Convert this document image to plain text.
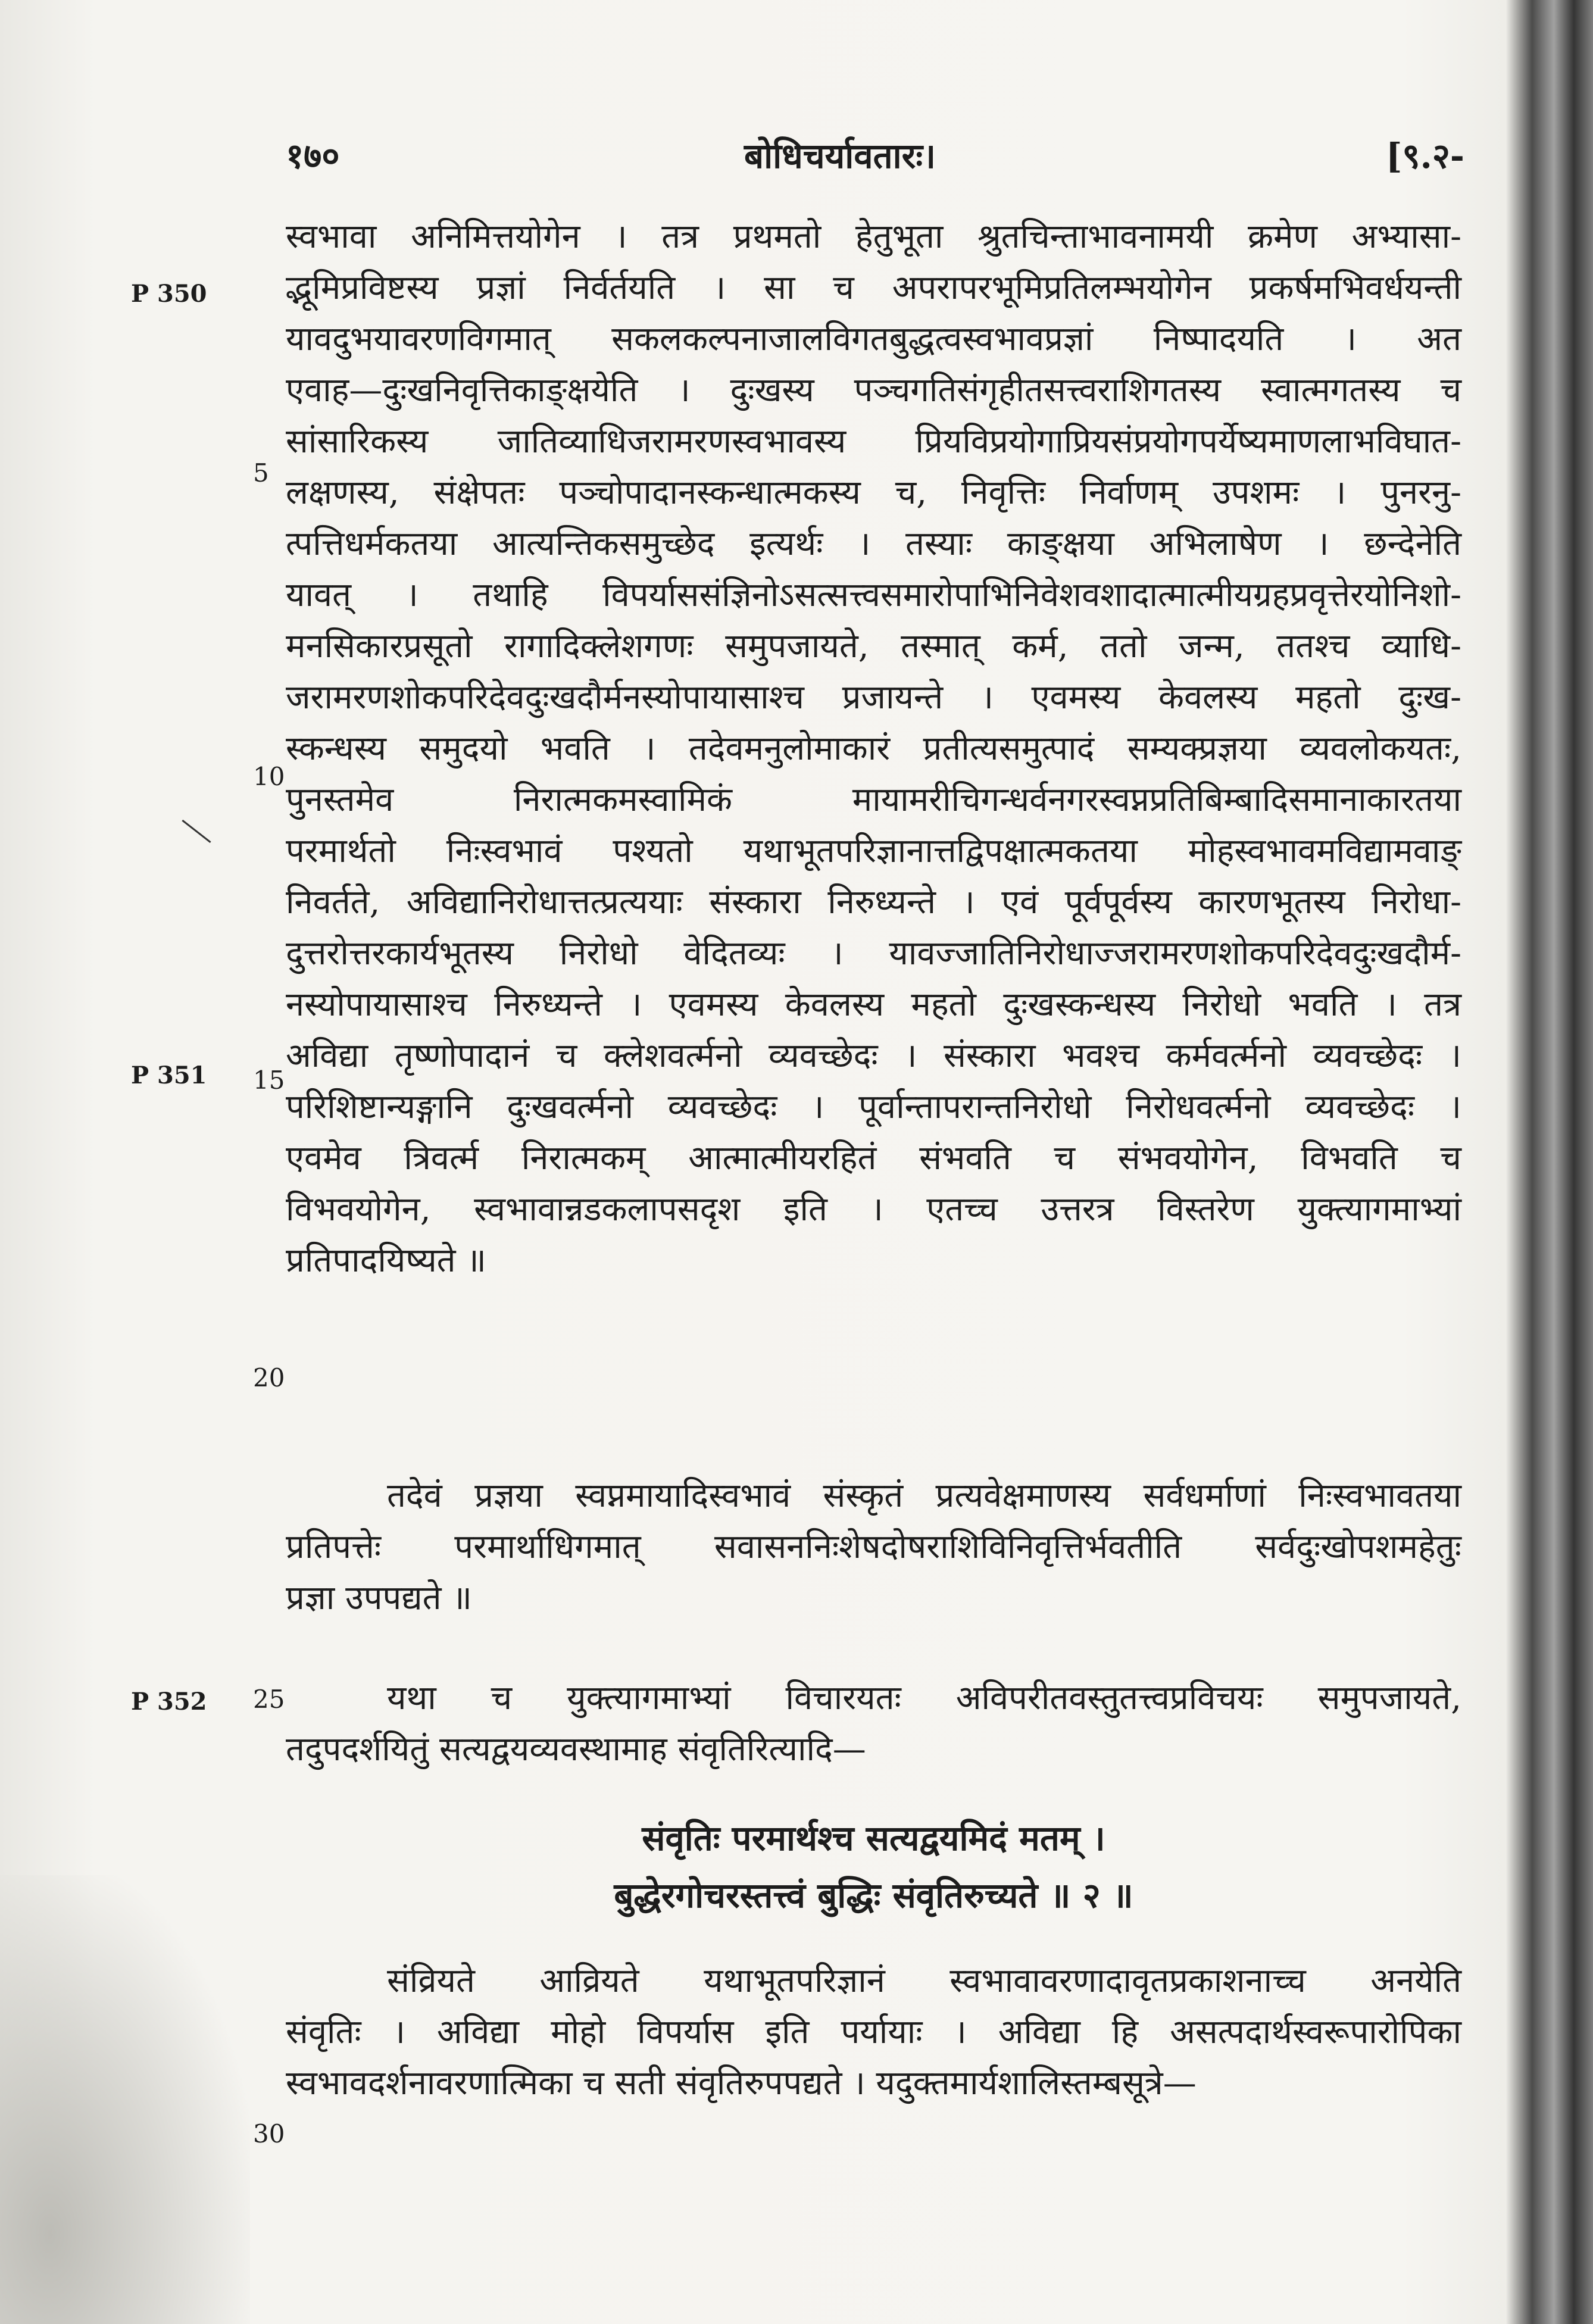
१७०	बोधिचर्यावतारः।	[९.२-
P 350
P 351
P 352
5
10
15
20
25
30
स्वभावा अनिमित्तयोगेन । तत्र प्रथमतो हेतुभूता श्रुतचिन्ताभावनामयी क्रमेण अभ्यासा-
द्भूमिप्रविष्टस्य प्रज्ञां निर्वर्तयति । सा च अपरापरभूमिप्रतिलम्भयोगेन प्रकर्षमभिवर्धयन्ती
यावदुभयावरणविगमात् सकलकल्पनाजालविगतबुद्धत्वस्वभावप्रज्ञां निष्पादयति । अत
एवाह—दुःखनिवृत्तिकाङ्क्षयेति । दुःखस्य पञ्चगतिसंगृहीतसत्त्वराशिगतस्य स्वात्मगतस्य च
सांसारिकस्य जातिव्याधिजरामरणस्वभावस्य प्रियविप्रयोगाप्रियसंप्रयोगपर्येष्यमाणलाभविघात-
लक्षणस्य, संक्षेपतः पञ्चोपादानस्कन्धात्मकस्य च, निवृत्तिः निर्वाणम् उपशमः । पुनरनु-
त्पत्तिधर्मकतया आत्यन्तिकसमुच्छेद इत्यर्थः । तस्याः काङ्क्षया अभिलाषेण । छन्देनेति
यावत् । तथाहि विपर्याससंज्ञिनोऽसत्सत्त्वसमारोपाभिनिवेशवशादात्मात्मीयग्रहप्रवृत्तेरयोनिशो-
मनसिकारप्रसूतो रागादिक्लेशगणः समुपजायते, तस्मात् कर्म, ततो जन्म, ततश्च व्याधि-
जरामरणशोकपरिदेवदुःखदौर्मनस्योपायासाश्च प्रजायन्ते । एवमस्य केवलस्य महतो दुःख-
स्कन्धस्य समुदयो भवति । तदेवमनुलोमाकारं प्रतीत्यसमुत्पादं सम्यक्प्रज्ञया व्यवलोकयतः,
पुनस्तमेव निरात्मकमस्वामिकं मायामरीचिगन्धर्वनगरस्वप्नप्रतिबिम्बादिसमानाकारतया
परमार्थतो निःस्वभावं पश्यतो यथाभूतपरिज्ञानात्तद्विपक्षात्मकतया मोहस्वभावमविद्यामवाङ्
निवर्तते, अविद्यानिरोधात्तत्प्रत्ययाः संस्कारा निरुध्यन्ते । एवं पूर्वपूर्वस्य कारणभूतस्य निरोधा-
दुत्तरोत्तरकार्यभूतस्य निरोधो वेदितव्यः । यावज्जातिनिरोधाज्जरामरणशोकपरिदेवदुःखदौर्म-
नस्योपायासाश्च निरुध्यन्ते । एवमस्य केवलस्य महतो दुःखस्कन्धस्य निरोधो भवति । तत्र
अविद्या तृष्णोपादानं च क्लेशवर्त्मनो व्यवच्छेदः । संस्कारा भवश्च कर्मवर्त्मनो व्यवच्छेदः ।
परिशिष्टान्यङ्गानि दुःखवर्त्मनो व्यवच्छेदः । पूर्वान्तापरान्तनिरोधो निरोधवर्त्मनो व्यवच्छेदः ।
एवमेव त्रिवर्त्म निरात्मकम् आत्मात्मीयरहितं संभवति च संभवयोगेन, विभवति च
विभवयोगेन, स्वभावान्नडकलापसदृश इति । एतच्च उत्तरत्र विस्तरेण युक्त्यागमाभ्यां
प्रतिपादयिष्यते ॥
तदेवं प्रज्ञया स्वप्नमायादिस्वभावं संस्कृतं प्रत्यवेक्षमाणस्य सर्वधर्माणां निःस्वभावतया
प्रतिपत्तेः परमार्थाधिगमात् सवासननिःशेषदोषराशिविनिवृत्तिर्भवतीति सर्वदुःखोपशमहेतुः
प्रज्ञा उपपद्यते ॥
यथा च युक्त्यागमाभ्यां विचारयतः अविपरीतवस्तुतत्त्वप्रविचयः समुपजायते,
तदुपदर्शयितुं सत्यद्वयव्यवस्थामाह संवृतिरित्यादि—
संवृतिः परमार्थश्च सत्यद्वयमिदं मतम् ।
बुद्धेरगोचरस्तत्त्वं बुद्धिः संवृतिरुच्यते ॥ २ ॥
संव्रियते आव्रियते यथाभूतपरिज्ञानं स्वभावावरणादावृतप्रकाशनाच्च अनयेति
संवृतिः । अविद्या मोहो विपर्यास इति पर्यायाः । अविद्या हि असत्पदार्थस्वरूपारोपिका
स्वभावदर्शनावरणात्मिका च सती संवृतिरुपपद्यते । यदुक्तमार्यशालिस्तम्बसूत्रे—
